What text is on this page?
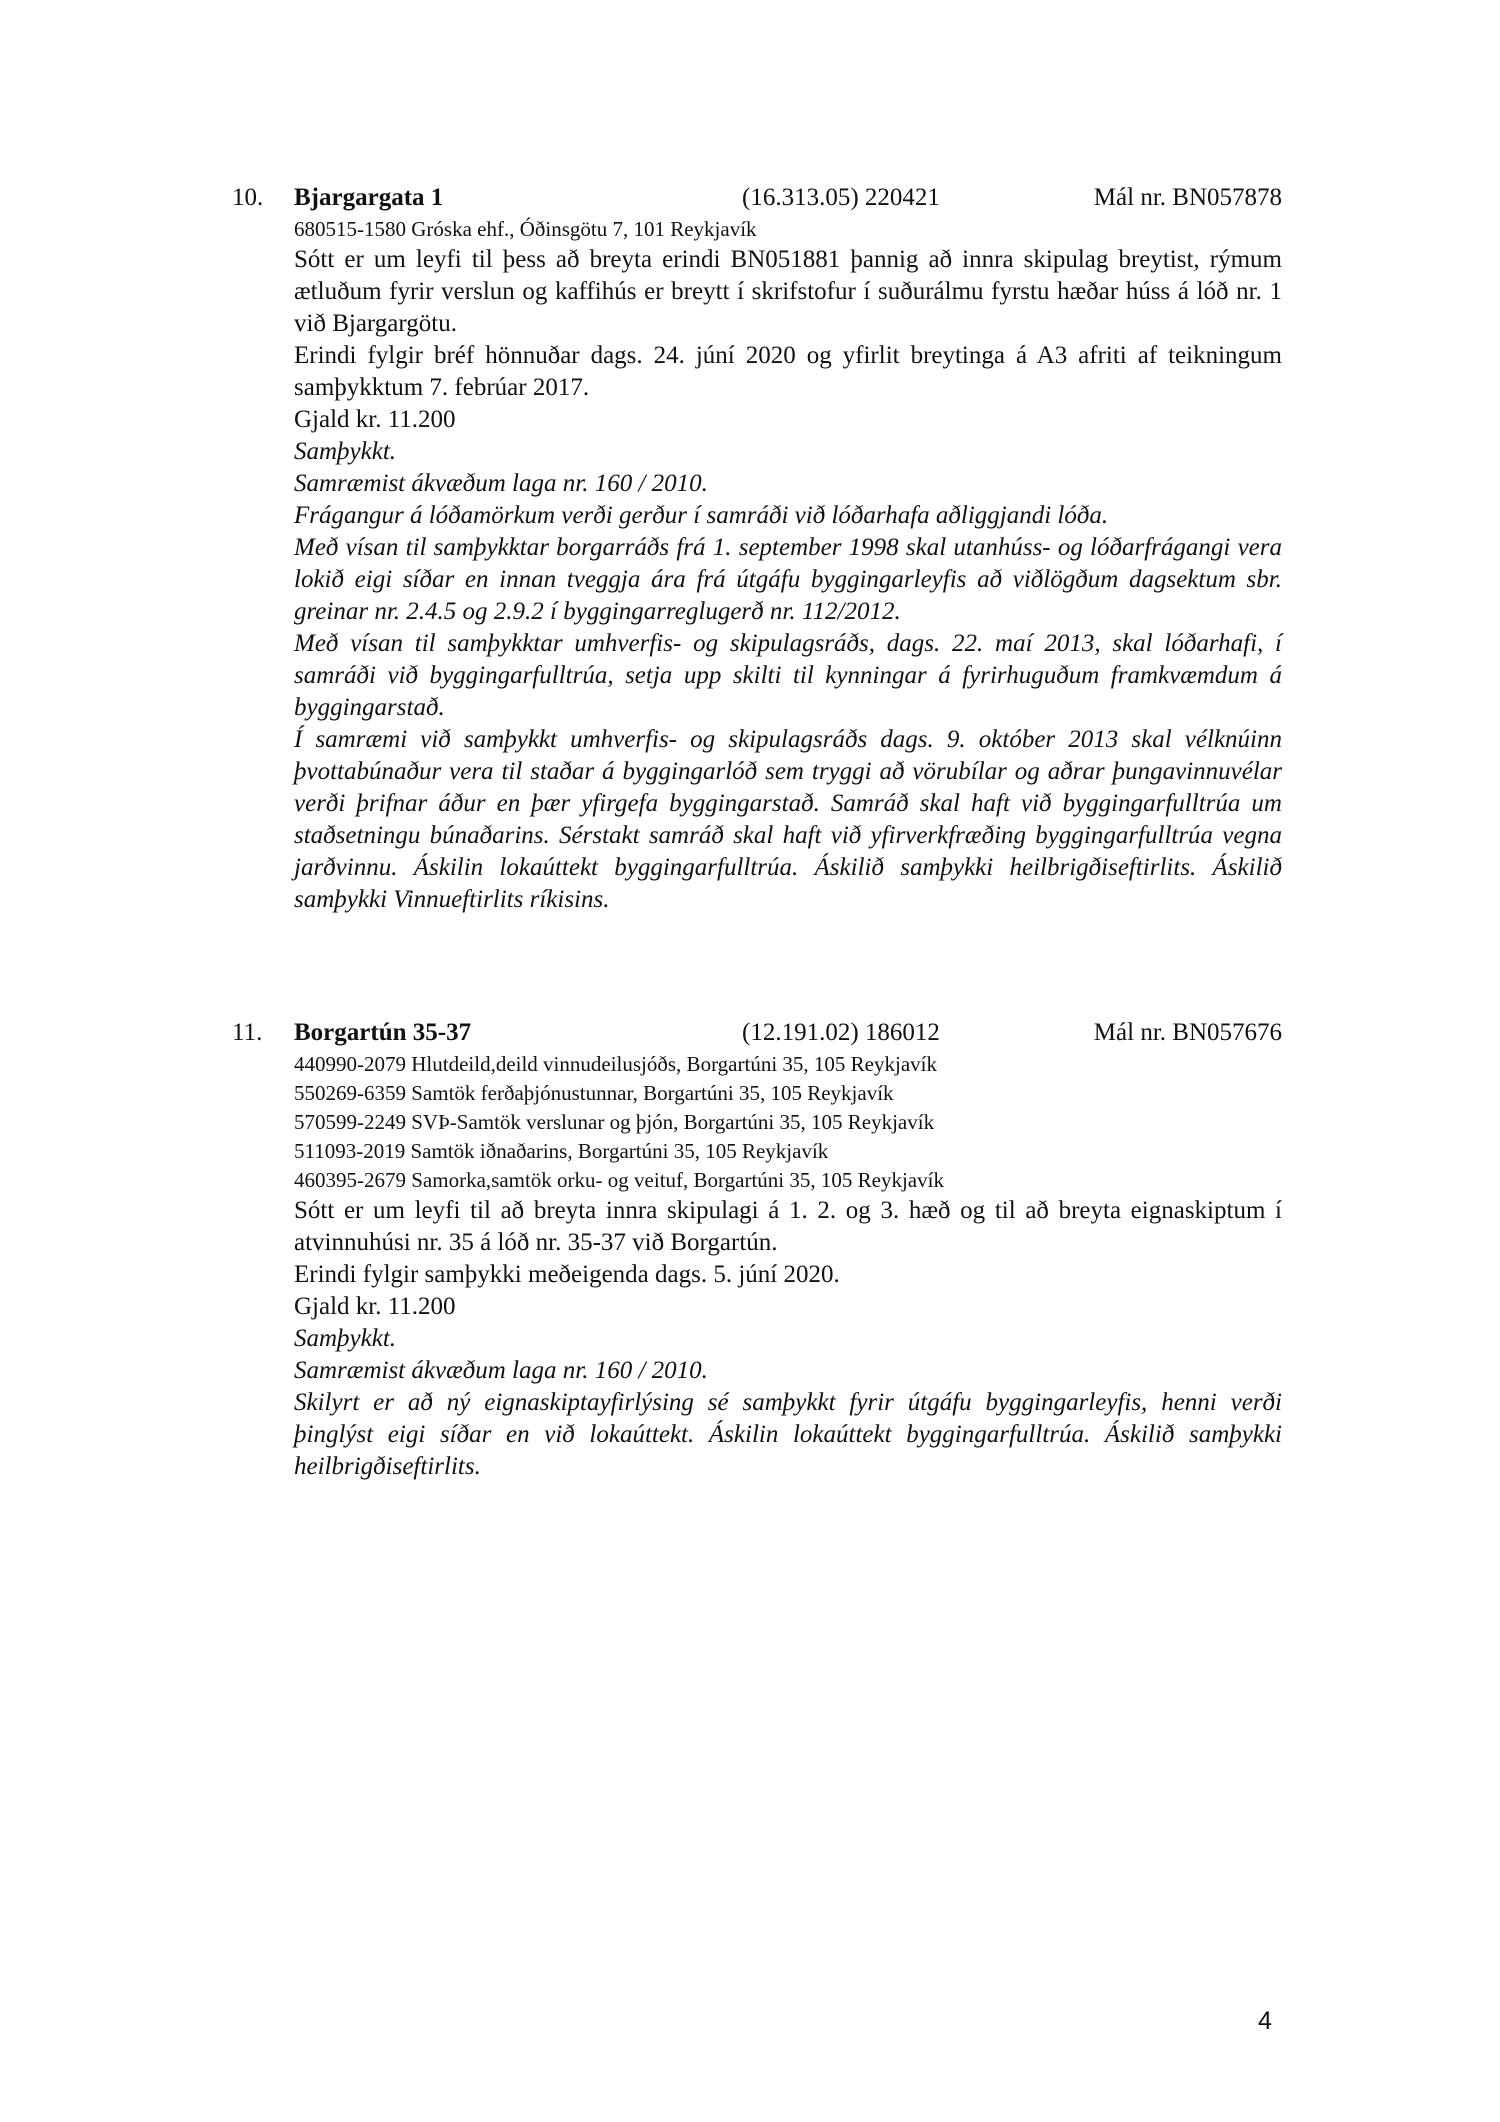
10. Bjargargata 1	(16.313.05) 220421	Mál nr. BN057878
680515-1580 Gróska ehf., Óðinsgötu 7, 101 Reykjavík
Sótt er um leyfi til þess að breyta erindi BN051881 þannig að innra skipulag breytist, rýmum ætluðum fyrir verslun og kaffihús er breytt í skrifstofur í suðurálmu fyrstu hæðar húss á lóð nr. 1 við Bjargargötu.
Erindi fylgir bréf hönnuðar dags. 24. júní 2020 og yfirlit breytinga á A3 afriti af teikningum samþykktum 7. febrúar 2017.
Gjald kr. 11.200
Samþykkt.
Samræmist ákvæðum laga nr. 160 / 2010.
Frágangur á lóðamörkum verði gerður í samráði við lóðarhafa aðliggjandi lóða.
Með vísan til samþykktar borgarráðs frá 1. september 1998 skal utanhúss- og lóðarfrágangi vera lokið eigi síðar en innan tveggja ára frá útgáfu byggingarleyfis að viðlögðum dagsektum sbr. greinar nr. 2.4.5 og 2.9.2 í byggingarreglugerð nr. 112/2012.
Með vísan til samþykktar umhverfis- og skipulagsráðs, dags. 22. maí 2013, skal lóðarhafi, í samráði við byggingarfulltrúa, setja upp skilti til kynningar á fyrirhuguðum framkvæmdum á byggingarstað.
Í samræmi við samþykkt umhverfis- og skipulagsráðs dags. 9. október 2013 skal vélknúinn þvottabúnaður vera til staðar á byggingarlóð sem tryggi að vörubílar og aðrar þungavinnuvélar verði þrifnar áður en þær yfirgefa byggingarstað. Samráð skal haft við byggingarfulltrúa um staðsetningu búnaðarins. Sérstakt samráð skal haft við yfirverkfræðing byggingarfulltrúa vegna jarðvinnu. Áskilin lokaúttekt byggingarfulltrúa. Áskilið samþykki heilbrigðiseftirlits. Áskilið samþykki Vinnueftirlits ríkisins.
11. Borgartún 35-37	(12.191.02) 186012	Mál nr. BN057676
440990-2079 Hlutdeild,deild vinnudeilusjóðs, Borgartúni 35, 105 Reykjavík
550269-6359 Samtök ferðaþjónustunnar, Borgartúni 35, 105 Reykjavík
570599-2249 SVÞ-Samtök verslunar og þjón, Borgartúni 35, 105 Reykjavík
511093-2019 Samtök iðnaðarins, Borgartúni 35, 105 Reykjavík
460395-2679 Samorka,samtök orku- og veituf, Borgartúni 35, 105 Reykjavík
Sótt er um leyfi til að breyta innra skipulagi á 1. 2. og 3. hæð og til að breyta eignaskiptum í atvinnuhúsi nr. 35 á lóð nr. 35-37 við Borgartún.
Erindi fylgir samþykki meðeigenda dags. 5. júní 2020.
Gjald kr. 11.200
Samþykkt.
Samræmist ákvæðum laga nr. 160 / 2010.
Skilyrt er að ný eignaskiptayfirlýsing sé samþykkt fyrir útgáfu byggingarleyfis, henni verði þinglýst eigi síðar en við lokaúttekt. Áskilin lokaúttekt byggingarfulltrúa. Áskilið samþykki heilbrigðiseftirlits.
4
